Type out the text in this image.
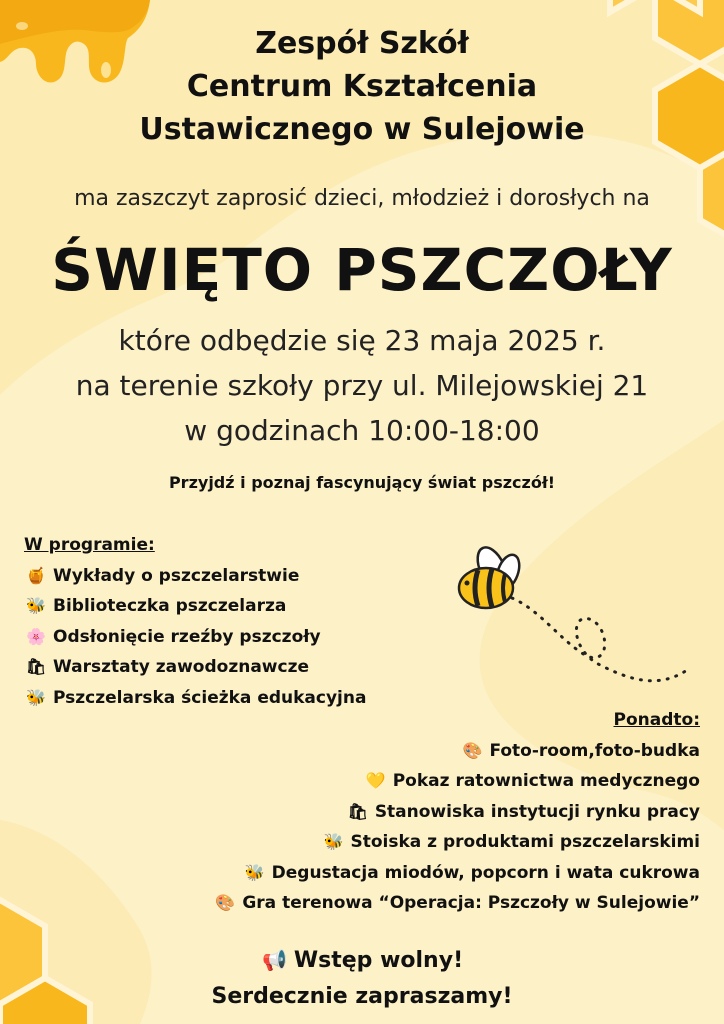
Zespół Szkół
Centrum Kształcenia
Ustawicznego w Sulejowie
ma zaszczyt zaprosić dzieci, młodzież i dorosłych na
ŚWIĘTO PSZCZOŁY
które odbędzie się 23 maja 2025 r.
na terenie szkoły przy ul. Milejowskiej 21
w godzinach 10:00-18:00
Przyjdź i poznaj fascynujący świat pszczół!
W programie:
🍯 Wykłady o pszczelarstwie
🐝 Biblioteczka pszczelarza
🌸 Odsłonięcie rzeźby pszczoły
🛍 Warsztaty zawodoznawcze
🐝 Pszczelarska ścieżka edukacyjna
Ponadto:
🎨 Foto-room,foto-budka
💛 Pokaz ratownictwa medycznego
🛍 Stanowiska instytucji rynku pracy
🐝 Stoiska z produktami pszczelarskimi
🐝 Degustacja miodów, popcorn i wata cukrowa
🎨 Gra terenowa “Operacja: Pszczoły w Sulejowie”
📢 Wstęp wolny!
Serdecznie zapraszamy!
